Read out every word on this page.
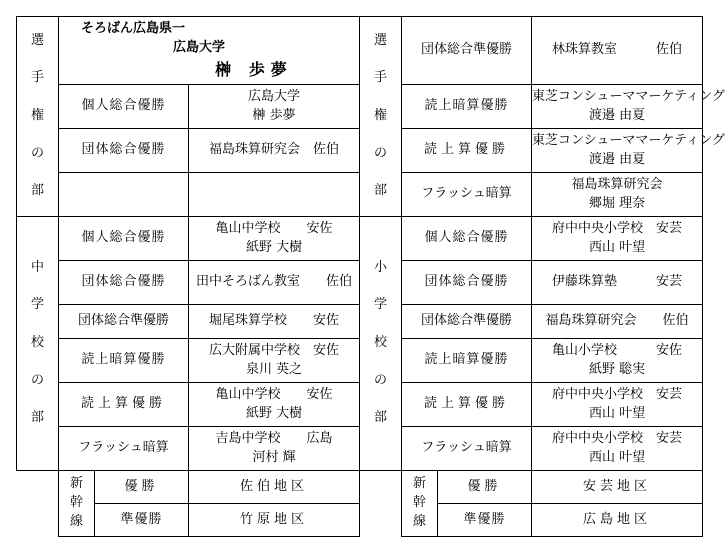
選

手

権

の

部	そろばん広島県一
広島大学
榊 歩夢		

	個人総合優勝		広島大学
榊 歩夢

	団体総合優勝		福島珠算研究会　佐伯

中

学

校

の

部	個人総合優勝		亀山中学校　　安佐
紙野 大樹

	団体総合優勝		田中そろばん教室　　佐伯
	団体総合準優勝		堀尾珠算学校　　安佐
	読上暗算優勝		広大附属中学校　安佐
泉川 英之

	読上算優勝		亀山中学校　　安佐
紙野 大樹

	フラッシュ暗算		吉島中学校　　広島
河村 輝

	新
幹
線	優勝	佐伯地区
		準優勝	竹原地区
選

手

権

の

部	団体総合準優勝		林珠算教室　　　佐伯
	読上暗算優勝		東芝コンシューママーケティング
渡邉 由夏

	読上算優勝		東芝コンシューママーケティング
渡邉 由夏

	フラッシュ暗算		福島珠算研究会
郷堀 理奈

小

学

校

の

部	個人総合優勝		府中中央小学校　安芸
西山 叶望

	団体総合優勝		伊藤珠算塾　　　安芸
	団体総合準優勝		福島珠算研究会　　佐伯
	読上暗算優勝		亀山小学校　　　安佐
紙野 聡実

	読上算優勝		府中中央小学校　安芸
西山 叶望

	フラッシュ暗算		府中中央小学校　安芸
西山 叶望

	新
幹
線	優勝	安芸地区
		準優勝	広島地区
